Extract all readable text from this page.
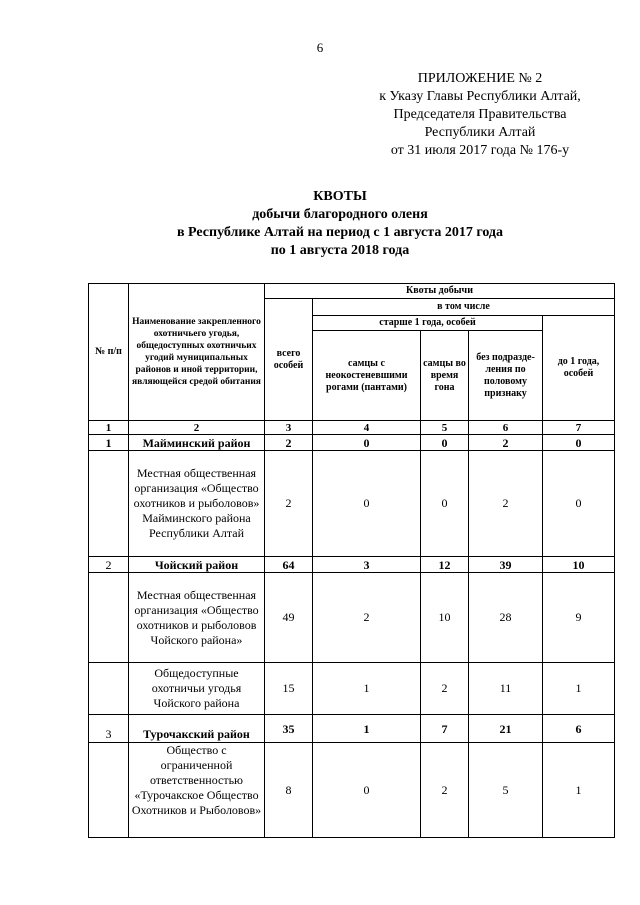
6
ПРИЛОЖЕНИЕ № 2
к Указу Главы Республики Алтай,
Председателя Правительства
Республики Алтай
от 31 июля 2017 года № 176-у
КВОТЫ
добычи благородного оленя
в Республике Алтай на период с 1 августа 2017 года
по 1 августа 2018 года
№ п/п	Наименование закрепленного охотничьего угодья, общедоступных охотничьих угодий муниципальных районов и иной территории, являющейся средой обитания	Квоты добычи				
		всего особей	в том числе			
			старше 1 года, особей			до 1 года, особей
			самцы с неокостеневшими рогами (пантами)	самцы во время гона	без подразде- ления по половому признаку	
1	2	3	4	5	6	7
1	Майминский район	2	0	0	2	0
	Местная общественная организация «Общество охотников и рыболовов» Майминского района Республики Алтай	2	0	0	2	0
2	Чойский район	64	3	12	39	10
	Местная общественная организация «Общество охотников и рыболовов Чойского района»	49	2	10	28	9
	Общедоступные охотничьи угодья Чойского района	15	1	2	11	1
3	Турочакский район	35	1	7	21	6
	Общество с ограниченной ответственностью «Турочакское Общество Охотников и Рыболовов»	8	0	2	5	1
